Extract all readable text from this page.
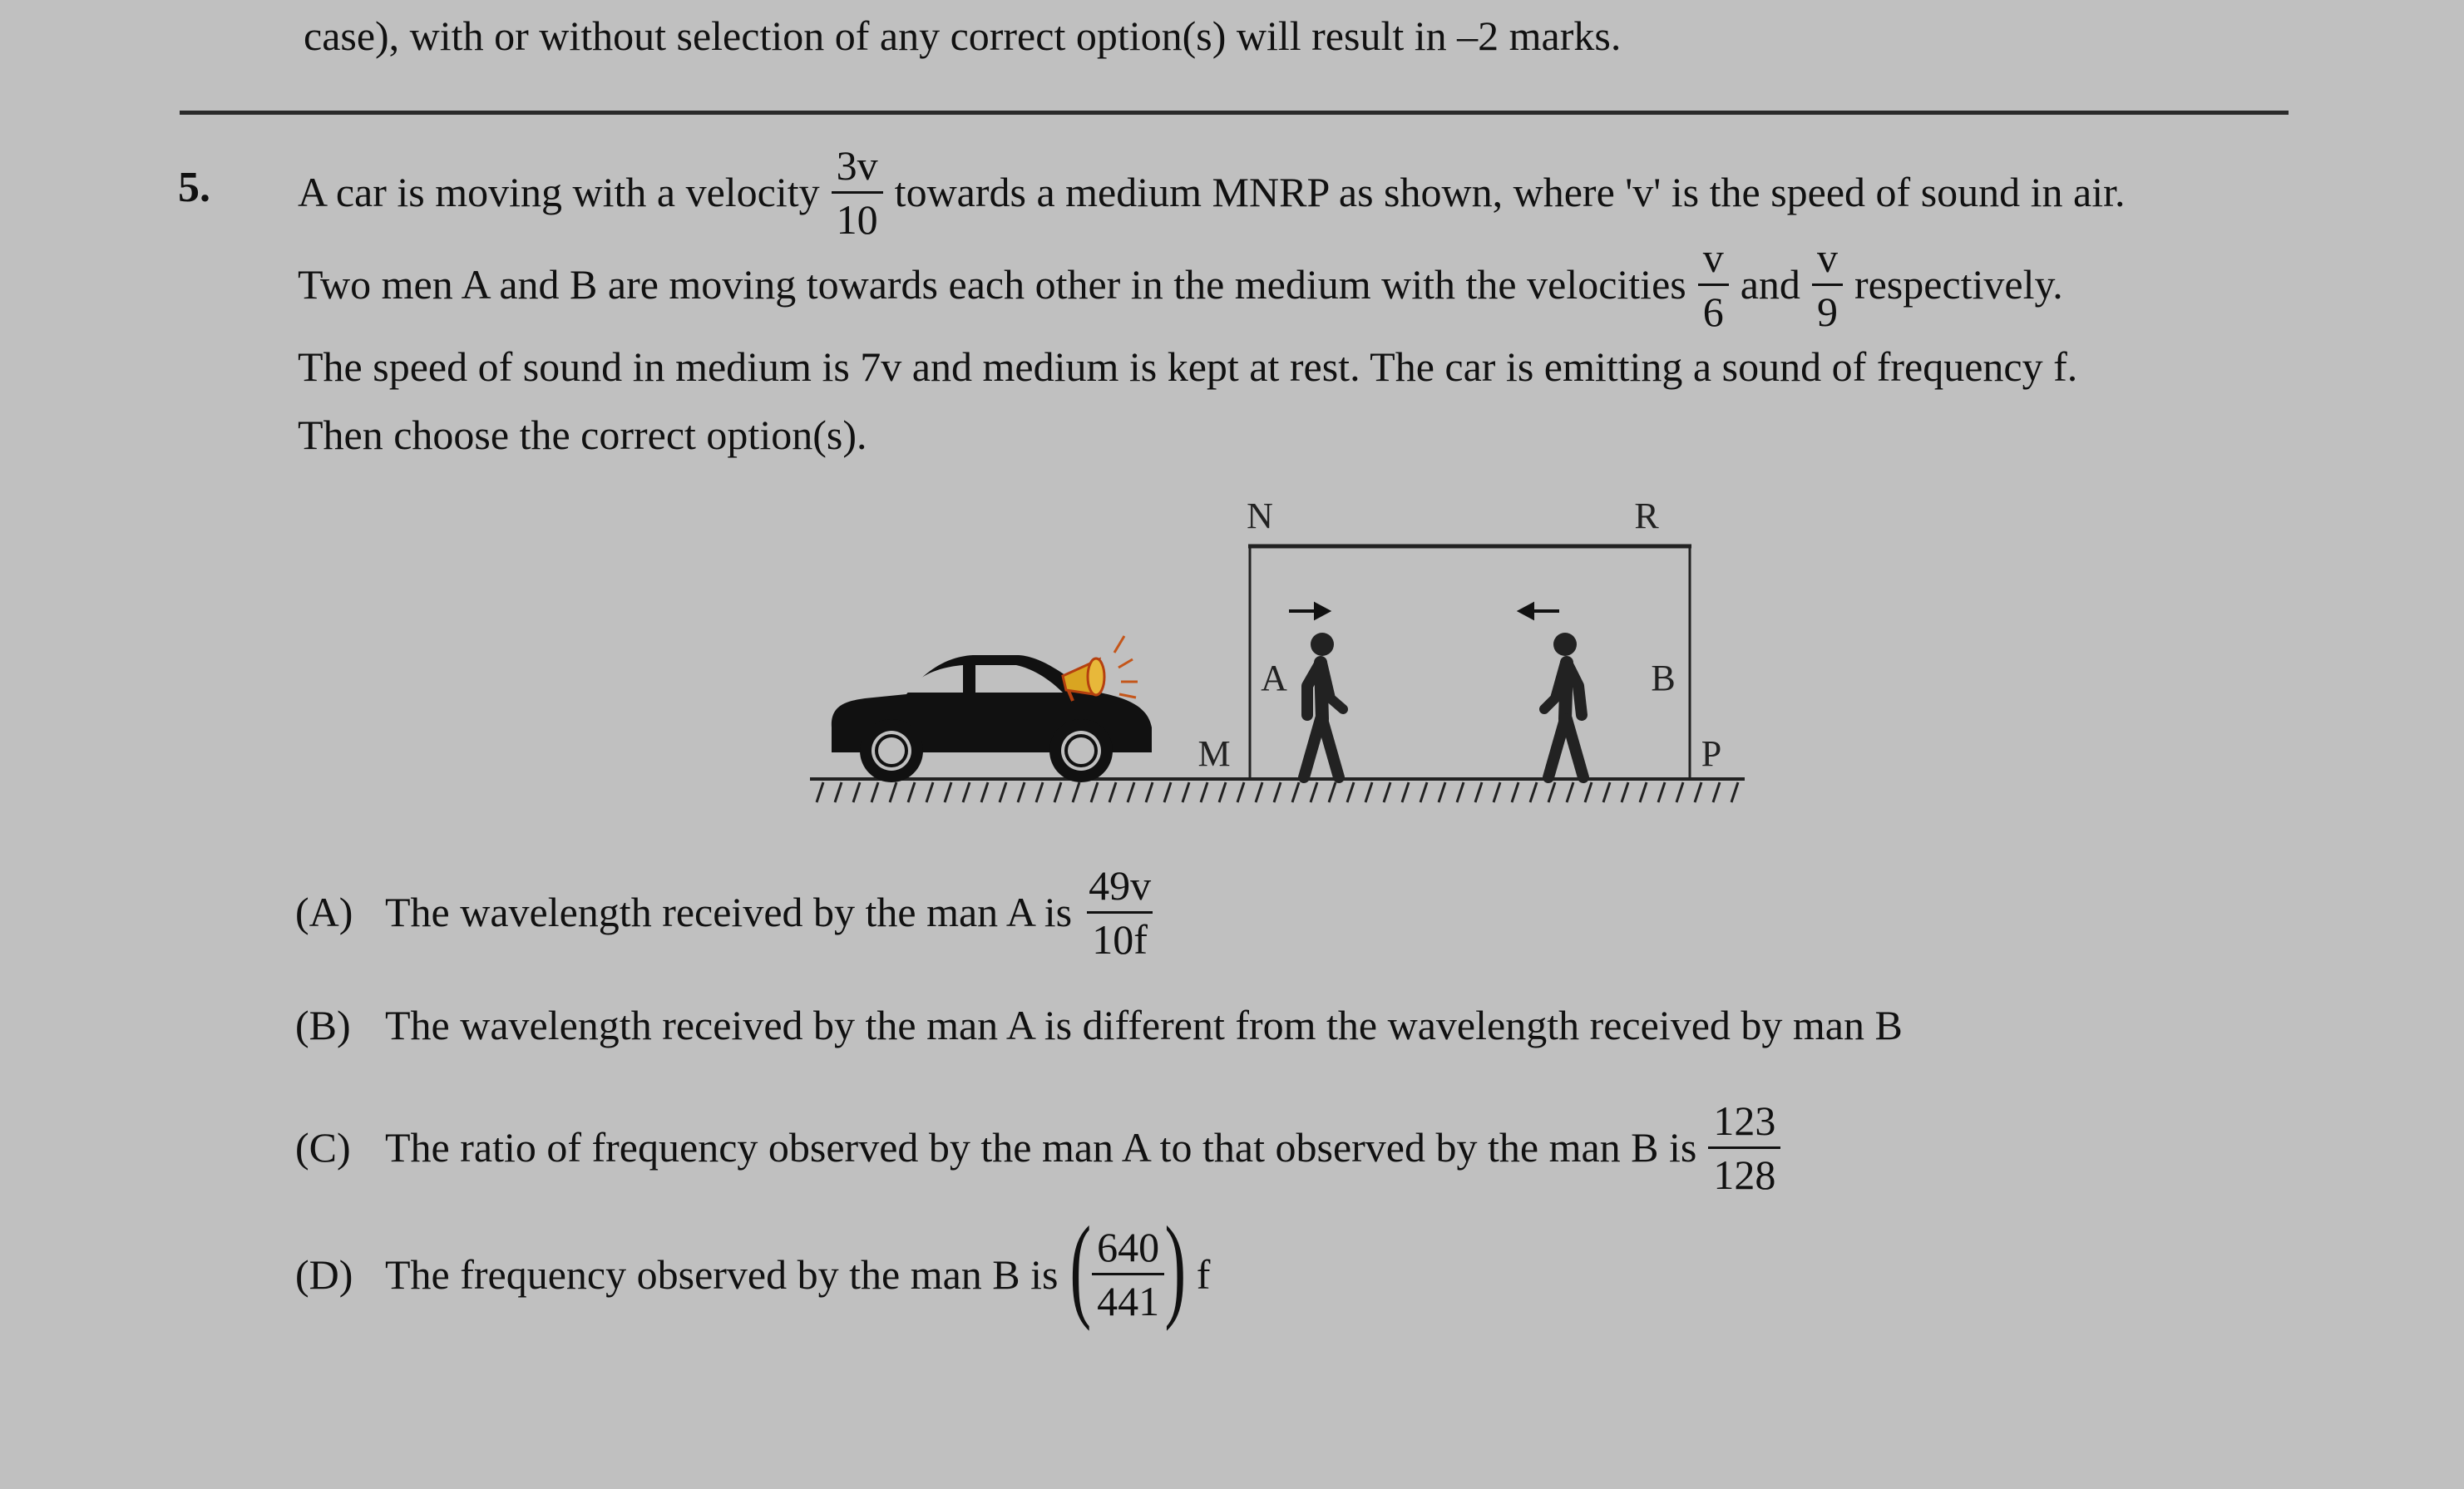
case), with or without selection of any correct option(s) will result in –2 marks.
5. A car is moving with a velocity $\frac{3v}{10}$ towards a medium MNRP as shown, where 'v' is the speed of sound in air.
Two men A and B are moving towards each other in the medium with the velocities $\frac{v}{6}$ and $\frac{v}{9}$ respectively.
The speed of sound in medium is 7v and medium is kept at rest. The car is emitting a sound of frequency f.
Then choose the correct option(s).
N	R
M	P
A	B
(A) The wavelength received by the man A is $\frac{49v}{10f}$
(B) The wavelength received by the man A is different from the wavelength received by man B
(C) The ratio of frequency observed by the man A to that observed by the man B is $\frac{123}{128}$
(D) The frequency observed by the man B is ( $\frac{640}{441}$ ) f
